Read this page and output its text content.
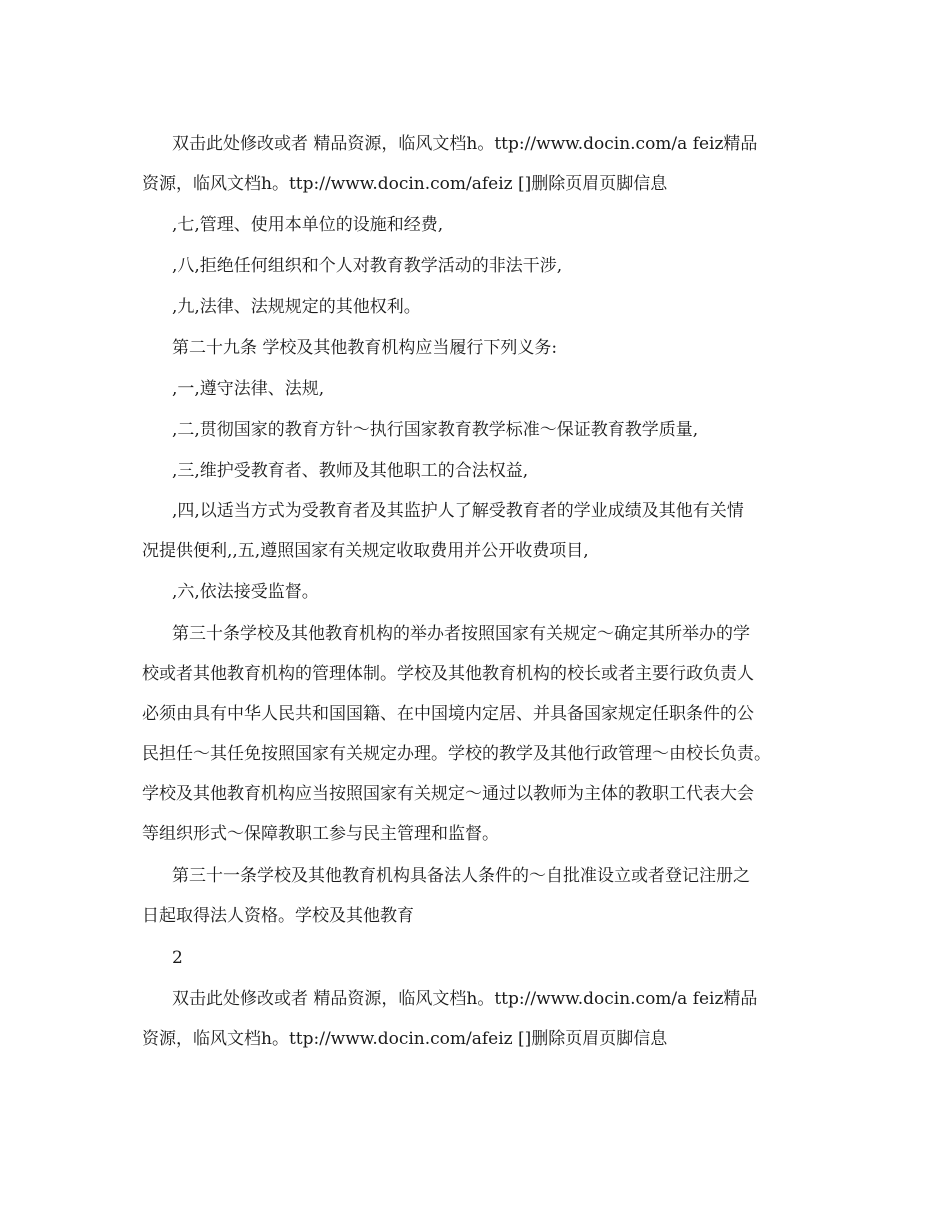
双击此处修改或者 精品资源，临风文档h。ttp://www.docin.com/a feiz精品
资源，临风文档h。ttp://www.docin.com/afeiz []删除页眉页脚信息
,七,管理、使用本单位的设施和经费,
,八,拒绝任何组织和个人对教育教学活动的非法干涉,
,九,法律、法规规定的其他权利。
第二十九条 学校及其他教育机构应当履行下列义务:
,一,遵守法律、法规,
,二,贯彻国家的教育方针～执行国家教育教学标准～保证教育教学质量,
,三,维护受教育者、教师及其他职工的合法权益,
,四,以适当方式为受教育者及其监护人了解受教育者的学业成绩及其他有关情
况提供便利,,五,遵照国家有关规定收取费用并公开收费项目,
,六,依法接受监督。
第三十条学校及其他教育机构的举办者按照国家有关规定～确定其所举办的学
校或者其他教育机构的管理体制。学校及其他教育机构的校长或者主要行政负责人
必须由具有中华人民共和国国籍、在中国境内定居、并具备国家规定任职条件的公
民担任～其任免按照国家有关规定办理。学校的教学及其他行政管理～由校长负责。
学校及其他教育机构应当按照国家有关规定～通过以教师为主体的教职工代表大会
等组织形式～保障教职工参与民主管理和监督。
第三十一条学校及其他教育机构具备法人条件的～自批准设立或者登记注册之
日起取得法人资格。学校及其他教育
2
双击此处修改或者 精品资源，临风文档h。ttp://www.docin.com/a feiz精品
资源，临风文档h。ttp://www.docin.com/afeiz []删除页眉页脚信息
